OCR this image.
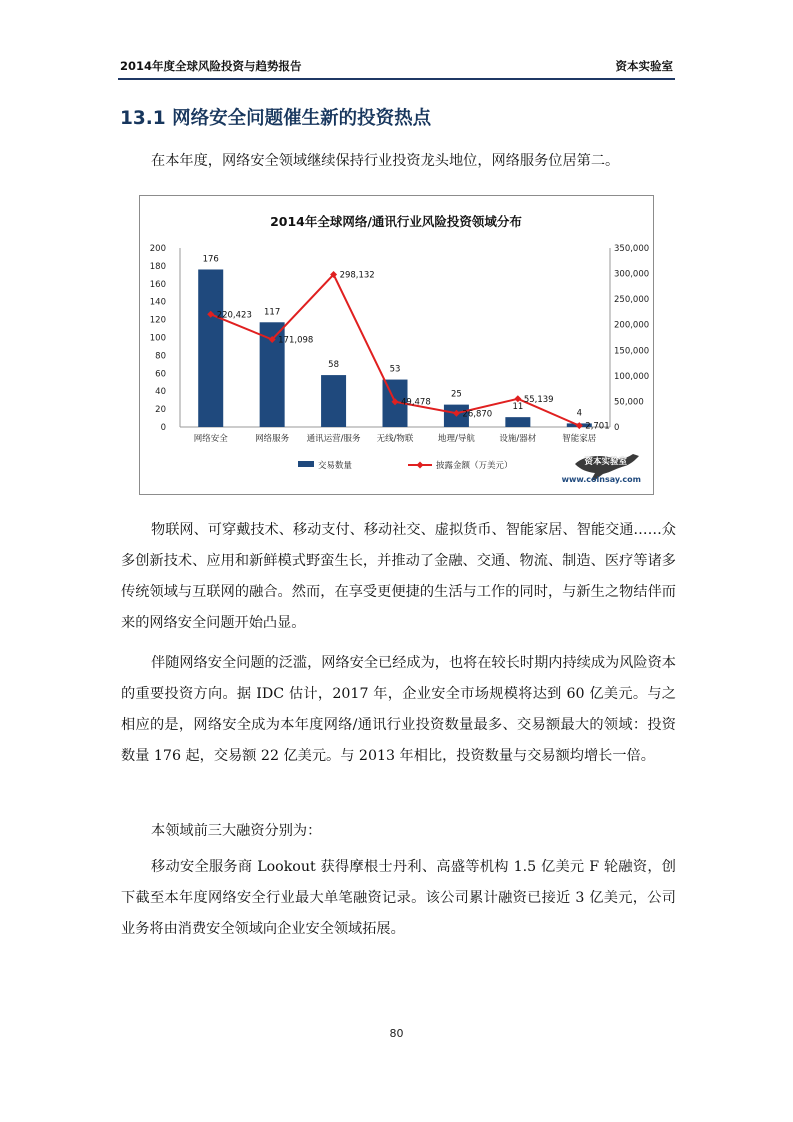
2014年度全球风险投资与趋势报告	资本实验室
13.1 网络安全问题催生新的投资热点
在本年度，网络安全领域继续保持行业投资龙头地位，网络服务位居第二。
2014年全球网络/通讯行业风险投资领域分布
0
20
40
60
80
100
120
140
160
180
200
0
50,000
100,000
150,000
200,000
250,000
300,000
350,000
176
117
58	53
25
11
4
网络安全	网络服务 通讯运营/服务 无线/物联	地理/导航	设施/器材	智能家居
220,423
171,098
298,132
49,478
26,870
55,139
2,701
交易数量	披露金额（万美元）	资本实验室
www.coinsay.com
物联网、可穿戴技术、移动支付、移动社交、虚拟货币、智能家居、智能交通……众多创新技术、应用和新鲜模式野蛮生长，并推动了金融、交通、物流、制造、医疗等诸多传统领域与互联网的融合。然而，在享受更便捷的生活与工作的同时，与新生之物结伴而来的网络安全问题开始凸显。
伴随网络安全问题的泛滥，网络安全已经成为，也将在较长时期内持续成为风险资本的重要投资方向。据 IDC 估计，2017 年，企业安全市场规模将达到 60 亿美元。与之相应的是，网络安全成为本年度网络/通讯行业投资数量最多、交易额最大的领域：投资数量 176 起，交易额 22 亿美元。与 2013 年相比，投资数量与交易额均增长一倍。
本领域前三大融资分别为：
移动安全服务商 Lookout 获得摩根士丹利、高盛等机构 1.5 亿美元 F 轮融资，创下截至本年度网络安全行业最大单笔融资记录。该公司累计融资已接近 3 亿美元，公司业务将由消费安全领域向企业安全领域拓展。
80
